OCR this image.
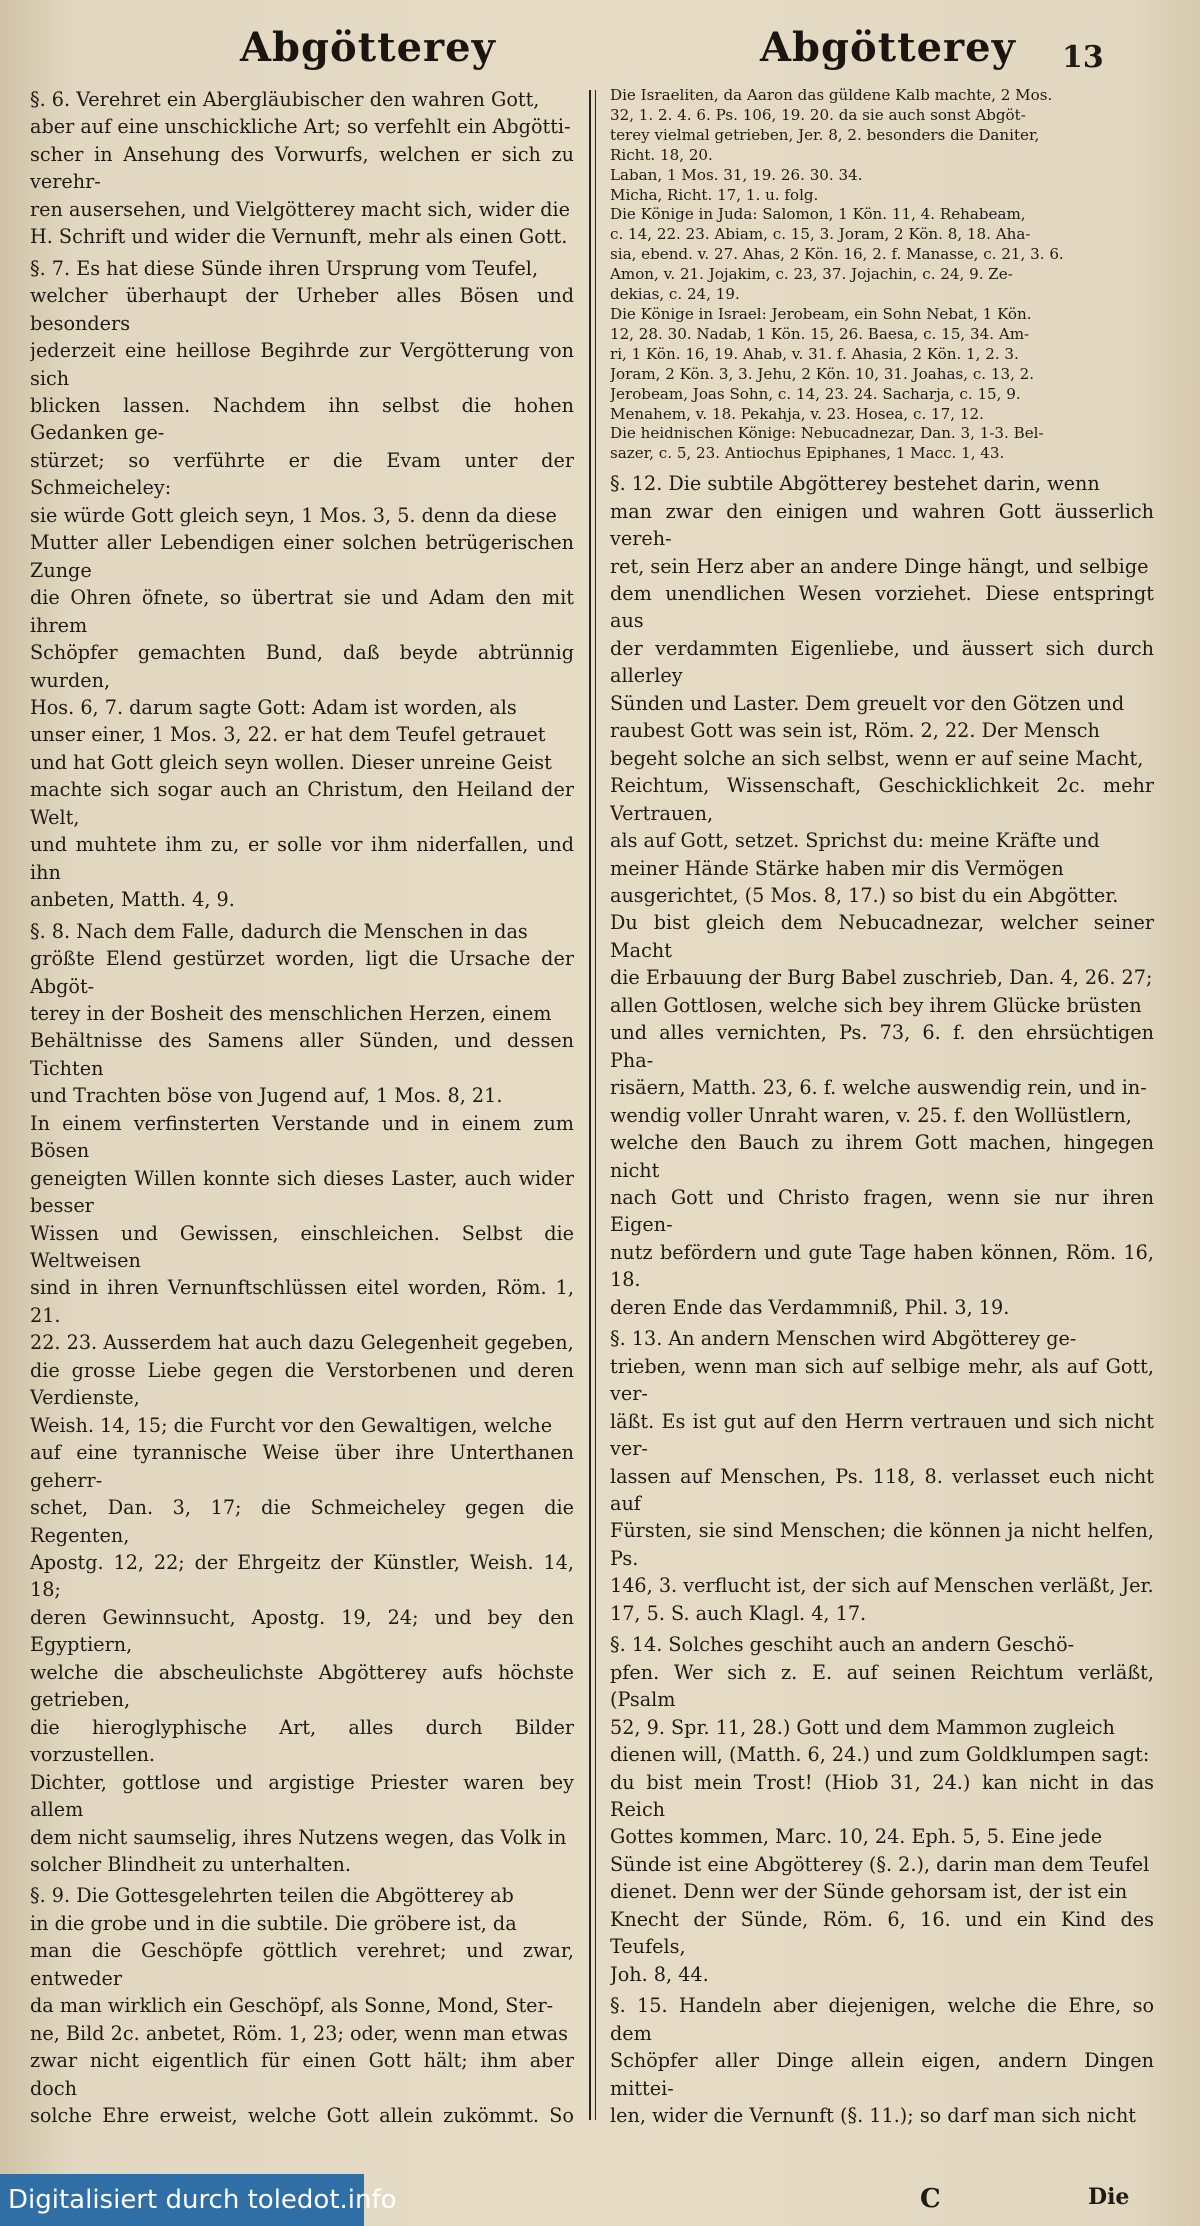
Abgötterey	Abgötterey 13

§. 6. Verehret ein Abergläubischer den wahren Gott,
aber auf eine unschickliche Art; so verfehlt ein Abgötti-
scher in Ansehung des Vorwurfs, welchen er sich zu verehr-
ren ausersehen, und Vielgötterey macht sich, wider die
H. Schrift und wider die Vernunft, mehr als einen Gott.

§. 7. Es hat diese Sünde ihren Ursprung vom Teufel,
welcher überhaupt der Urheber alles Bösen und besonders
jederzeit eine heillose Begihrde zur Vergötterung von sich
blicken lassen. Nachdem ihn selbst die hohen Gedanken ge-
stürzet; so verführte er die Evam unter der Schmeicheley:
sie würde Gott gleich seyn, 1 Mos. 3, 5. denn da diese
Mutter aller Lebendigen einer solchen betrügerischen Zunge
die Ohren öfnete, so übertrat sie und Adam den mit ihrem
Schöpfer gemachten Bund, daß beyde abtrünnig wurden,
Hos. 6, 7. darum sagte Gott: Adam ist worden, als
unser einer, 1 Mos. 3, 22. er hat dem Teufel getrauet
und hat Gott gleich seyn wollen. Dieser unreine Geist
machte sich sogar auch an Christum, den Heiland der Welt,
und muhtete ihm zu, er solle vor ihm niderfallen, und ihn
anbeten, Matth. 4, 9.

§. 8. Nach dem Falle, dadurch die Menschen in das
größte Elend gestürzet worden, ligt die Ursache der Abgöt-
terey in der Bosheit des menschlichen Herzen, einem
Behältnisse des Samens aller Sünden, und dessen Tichten
und Trachten böse von Jugend auf, 1 Mos. 8, 21.
In einem verfinsterten Verstande und in einem zum Bösen
geneigten Willen konnte sich dieses Laster, auch wider besser
Wissen und Gewissen, einschleichen. Selbst die Weltweisen
sind in ihren Vernunftschlüssen eitel worden, Röm. 1, 21.
22. 23. Ausserdem hat auch dazu Gelegenheit gegeben,
die grosse Liebe gegen die Verstorbenen und deren Verdienste,
Weish. 14, 15; die Furcht vor den Gewaltigen, welche
auf eine tyrannische Weise über ihre Unterthanen geherr-
schet, Dan. 3, 17; die Schmeicheley gegen die Regenten,
Apostg. 12, 22; der Ehrgeitz der Künstler, Weish. 14, 18;
deren Gewinnsucht, Apostg. 19, 24; und bey den Egyptiern,
welche die abscheulichste Abgötterey aufs höchste getrieben,
die hieroglyphische Art, alles durch Bilder vorzustellen.
Dichter, gottlose und argistige Priester waren bey allem
dem nicht saumselig, ihres Nutzens wegen, das Volk in
solcher Blindheit zu unterhalten.

§. 9. Die Gottesgelehrten teilen die Abgötterey ab
in die grobe und in die subtile. Die gröbere ist, da
man die Geschöpfe göttlich verehret; und zwar, entweder
da man wirklich ein Geschöpf, als Sonne, Mond, Ster-
ne, Bild 2c. anbetet, Röm. 1, 23; oder, wenn man etwas
zwar nicht eigentlich für einen Gott hält; ihm aber doch
solche Ehre erweist, welche Gott allein zukömmt. So

Die Israeliten, da Aaron das güldene Kalb machte, 2 Mos.
32, 1. 2. 4. 6. Ps. 106, 19. 20. da sie auch sonst Abgöt-
terey vielmal getrieben, Jer. 8, 2. besonders die Daniter,
Richt. 18, 20.
Laban, 1 Mos. 31, 19. 26. 30. 34.
Micha, Richt. 17, 1. u. folg.
Die Könige in Juda: Salomon, 1 Kön. 11, 4. Rehabeam,
c. 14, 22. 23. Abiam, c. 15, 3. Joram, 2 Kön. 8, 18. Aha-
sia, ebend. v. 27. Ahas, 2 Kön. 16, 2. f. Manasse, c. 21, 3. 6.
Amon, v. 21. Jojakim, c. 23, 37. Jojachin, c. 24, 9. Ze-
dekias, c. 24, 19.
Die Könige in Israel: Jerobeam, ein Sohn Nebat, 1 Kön.
12, 28. 30. Nadab, 1 Kön. 15, 26. Baesa, c. 15, 34. Am-
ri, 1 Kön. 16, 19. Ahab, v. 31. f. Ahasia, 2 Kön. 1, 2. 3.
Joram, 2 Kön. 3, 3. Jehu, 2 Kön. 10, 31. Joahas, c. 13, 2.
Jerobeam, Joas Sohn, c. 14, 23. 24. Sacharja, c. 15, 9.
Menahem, v. 18. Pekahja, v. 23. Hosea, c. 17, 12.
Die heidnischen Könige: Nebucadnezar, Dan. 3, 1-3. Bel-
sazer, c. 5, 23. Antiochus Epiphanes, 1 Macc. 1, 43.

§. 12. Die subtile Abgötterey bestehet darin, wenn
man zwar den einigen und wahren Gott äusserlich vereh-
ret, sein Herz aber an andere Dinge hängt, und selbige
dem unendlichen Wesen vorziehet. Diese entspringt aus
der verdammten Eigenliebe, und äussert sich durch allerley
Sünden und Laster. Dem greuelt vor den Götzen und
raubest Gott was sein ist, Röm. 2, 22. Der Mensch
begeht solche an sich selbst, wenn er auf seine Macht,
Reichtum, Wissenschaft, Geschicklichkeit 2c. mehr Vertrauen,
als auf Gott, setzet. Sprichst du: meine Kräfte und
meiner Hände Stärke haben mir dis Vermögen
ausgerichtet, (5 Mos. 8, 17.) so bist du ein Abgötter.
Du bist gleich dem Nebucadnezar, welcher seiner Macht
die Erbauung der Burg Babel zuschrieb, Dan. 4, 26. 27;
allen Gottlosen, welche sich bey ihrem Glücke brüsten
und alles vernichten, Ps. 73, 6. f. den ehrsüchtigen Pha-
risäern, Matth. 23, 6. f. welche auswendig rein, und in-
wendig voller Unraht waren, v. 25. f. den Wollüstlern,
welche den Bauch zu ihrem Gott machen, hingegen nicht
nach Gott und Christo fragen, wenn sie nur ihren Eigen-
nutz befördern und gute Tage haben können, Röm. 16, 18.
deren Ende das Verdammniß, Phil. 3, 19.

§. 13. An andern Menschen wird Abgötterey ge-
trieben, wenn man sich auf selbige mehr, als auf Gott, ver-
läßt. Es ist gut auf den Herrn vertrauen und sich nicht ver-
lassen auf Menschen, Ps. 118, 8. verlasset euch nicht auf
Fürsten, sie sind Menschen; die können ja nicht helfen, Ps.
146, 3. verflucht ist, der sich auf Menschen verläßt, Jer.
17, 5. S. auch Klagl. 4, 17.

§. 14. Solches geschiht auch an andern Geschö-
pfen. Wer sich z. E. auf seinen Reichtum verläßt, (Psalm
52, 9. Spr. 11, 28.) Gott und dem Mammon zugleich
dienen will, (Matth. 6, 24.) und zum Goldklumpen sagt:
du bist mein Trost! (Hiob 31, 24.) kan nicht in das Reich
Gottes kommen, Marc. 10, 24. Eph. 5, 5. Eine jede
Sünde ist eine Abgötterey (§. 2.), darin man dem Teufel
dienet. Denn wer der Sünde gehorsam ist, der ist ein
Knecht der Sünde, Röm. 6, 16. und ein Kind des Teufels,
Joh. 8, 44.

§. 15. Handeln aber diejenigen, welche die Ehre, so dem
Schöpfer aller Dinge allein eigen, andern Dingen mittei-
len, wider die Vernunft (§. 11.); so darf man sich nicht

C	Die
Digitalisiert durch toledot.info
